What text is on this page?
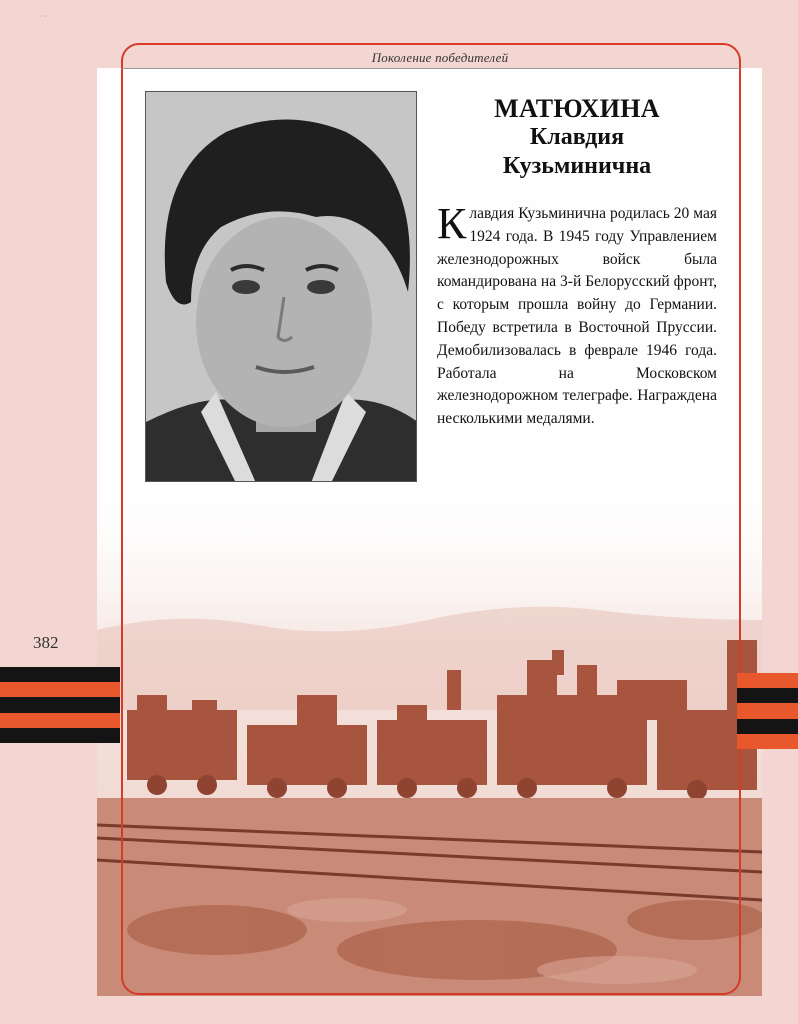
~
Поколение победителей
МАТЮХИНА
Клавдия
Кузьминична
Клавдия Кузьминична родилась 20 мая 1924 года. В 1945 году Управлением железнодорожных войск была командирована на 3-й Белорусский фронт, с которым прошла войну до Германии. Победу встретила в Восточной Пруссии. Демобилизовалась в феврале 1946 года. Работала на Московском железнодорожном телеграфе. Награждена несколькими медалями.
382
